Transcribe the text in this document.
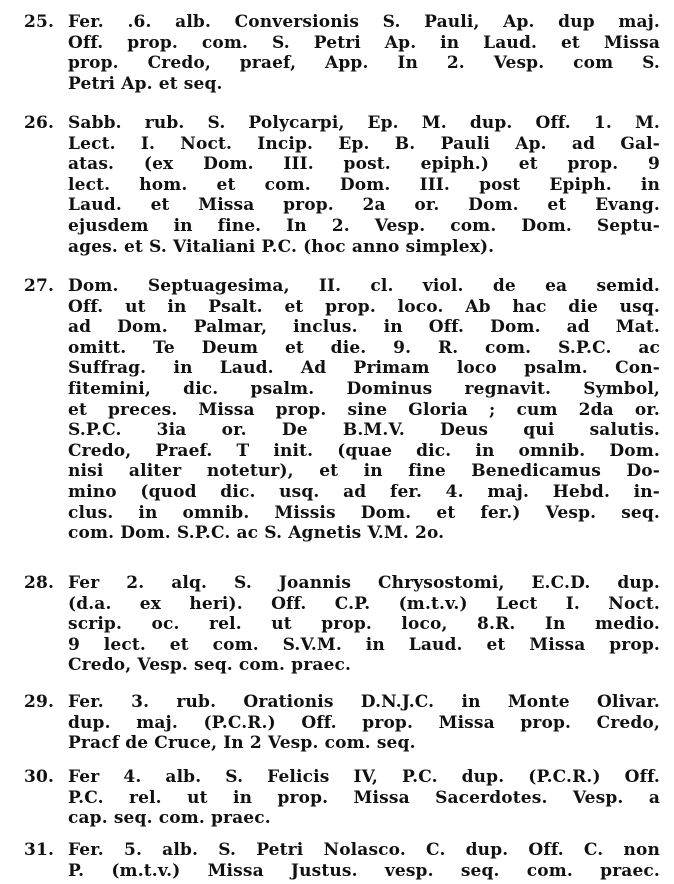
25. Fer. .6. alb. Conversionis S. Pauli, Ap. dup maj.
Off. prop. com. S. Petri Ap. in Laud. et Missa
prop. Credo, praef, App. In 2. Vesp. com S.
Petri Ap. et seq.
26. Sabb. rub. S. Polycarpi, Ep. M. dup. Off. 1. M.
Lect. I. Noct. Incip. Ep. B. Pauli Ap. ad Gal-
atas. (ex Dom. III. post. epiph.) et prop. 9
lect. hom. et com. Dom. III. post Epiph. in
Laud. et Missa prop. 2a or. Dom. et Evang.
ejusdem in fine. In 2. Vesp. com. Dom. Septu-
ages. et S. Vitaliani P.C. (hoc anno simplex).
27. Dom. Septuagesima, II. cl. viol. de ea semid.
Off. ut in Psalt. et prop. loco. Ab hac die usq.
ad Dom. Palmar, inclus. in Off. Dom. ad Mat.
omitt. Te Deum et die. 9. R. com. S.P.C. ac
Suffrag. in Laud. Ad Primam loco psalm. Con-
fitemini, dic. psalm. Dominus regnavit. Symbol,
et preces. Missa prop. sine Gloria ; cum 2da or.
S.P.C. 3ia or. De B.M.V. Deus qui salutis.
Credo, Praef. T init. (quae dic. in omnib. Dom.
nisi aliter notetur), et in fine Benedicamus Do-
mino (quod dic. usq. ad fer. 4. maj. Hebd. in-
clus. in omnib. Missis Dom. et fer.) Vesp. seq.
com. Dom. S.P.C. ac S. Agnetis V.M. 2o.
28. Fer 2. alq. S. Joannis Chrysostomi, E.C.D. dup.
(d.a. ex heri). Off. C.P. (m.t.v.) Lect I. Noct.
scrip. oc. rel. ut prop. loco, 8.R. In medio.
9 lect. et com. S.V.M. in Laud. et Missa prop.
Credo, Vesp. seq. com. praec.
29. Fer. 3. rub. Orationis D.N.J.C. in Monte Olivar.
dup. maj. (P.C.R.) Off. prop. Missa prop. Credo,
Pracf de Cruce, In 2 Vesp. com. seq.
30. Fer 4. alb. S. Felicis IV, P.C. dup. (P.C.R.) Off.
P.C. rel. ut in prop. Missa Sacerdotes. Vesp. a
cap. seq. com. praec.
31. Fer. 5. alb. S. Petri Nolasco. C. dup. Off. C. non
P. (m.t.v.) Missa Justus. vesp. seq. com. praec.
